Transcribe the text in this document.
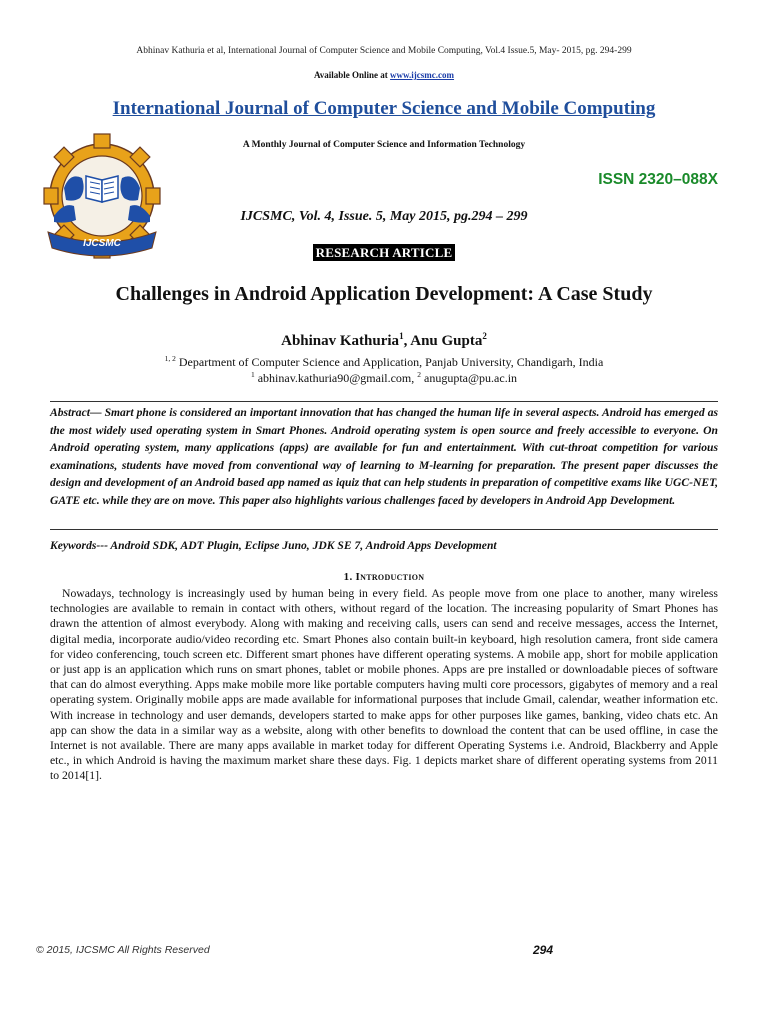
Abhinav Kathuria et al, International Journal of Computer Science and Mobile Computing, Vol.4 Issue.5, May- 2015, pg. 294-299
Available Online at www.ijcsmc.com
International Journal of Computer Science and Mobile Computing
A Monthly Journal of Computer Science and Information Technology
IJCSMC
ISSN 2320–088X
IJCSMC, Vol. 4, Issue. 5, May 2015, pg.294 – 299
RESEARCH ARTICLE
Challenges in Android Application Development: A Case Study
Abhinav Kathuria$^1$, Anu Gupta$^2$
$^{1, 2}$ Department of Computer Science and Application, Panjab University, Chandigarh, India
$^1$ abhinav.kathuria90@gmail.com, $^2$ anugupta@pu.ac.in
Abstract— Smart phone is considered an important innovation that has changed the human life in several aspects. Android has emerged as the most widely used operating system in Smart Phones. Android operating system is open source and freely accessible to everyone. On Android operating system, many applications (apps) are available for fun and entertainment. With cut-throat competition for various examinations, students have moved from conventional way of learning to M-learning for preparation. The present paper discusses the design and development of an Android based app named as iquiz that can help students in preparation of competitive exams like UGC-NET, GATE etc. while they are on move. This paper also highlights various challenges faced by developers in Android App Development.
Keywords--- Android SDK, ADT Plugin, Eclipse Juno, JDK SE 7, Android Apps Development
1. Introduction
Nowadays, technology is increasingly used by human being in every field. As people move from one place to another, many wireless technologies are available to remain in contact with others, without regard of the location. The increasing popularity of Smart Phones has drawn the attention of almost everybody. Along with making and receiving calls, users can send and receive messages, access the Internet, digital media, incorporate audio/video recording etc. Smart Phones also contain built-in keyboard, high resolution camera, front side camera for video conferencing, touch screen etc. Different smart phones have different operating systems. A mobile app, short for mobile application or just app is an application which runs on smart phones, tablet or mobile phones. Apps are pre installed or downloadable pieces of software that can do almost everything. Apps make mobile more like portable computers having multi core processors, gigabytes of memory and a real operating system. Originally mobile apps are made available for informational purposes that include Gmail, calendar, weather information etc. With increase in technology and user demands, developers started to make apps for other purposes like games, banking, video chats etc. An app can show the data in a similar way as a website, along with other benefits to download the content that can be used offline, in case the Internet is not available. There are many apps available in market today for different Operating Systems i.e. Android, Blackberry and Apple etc., in which Android is having the maximum market share these days. Fig. 1 depicts market share of different operating systems from 2011 to 2014[1].
© 2015, IJCSMC All Rights Reserved	294
